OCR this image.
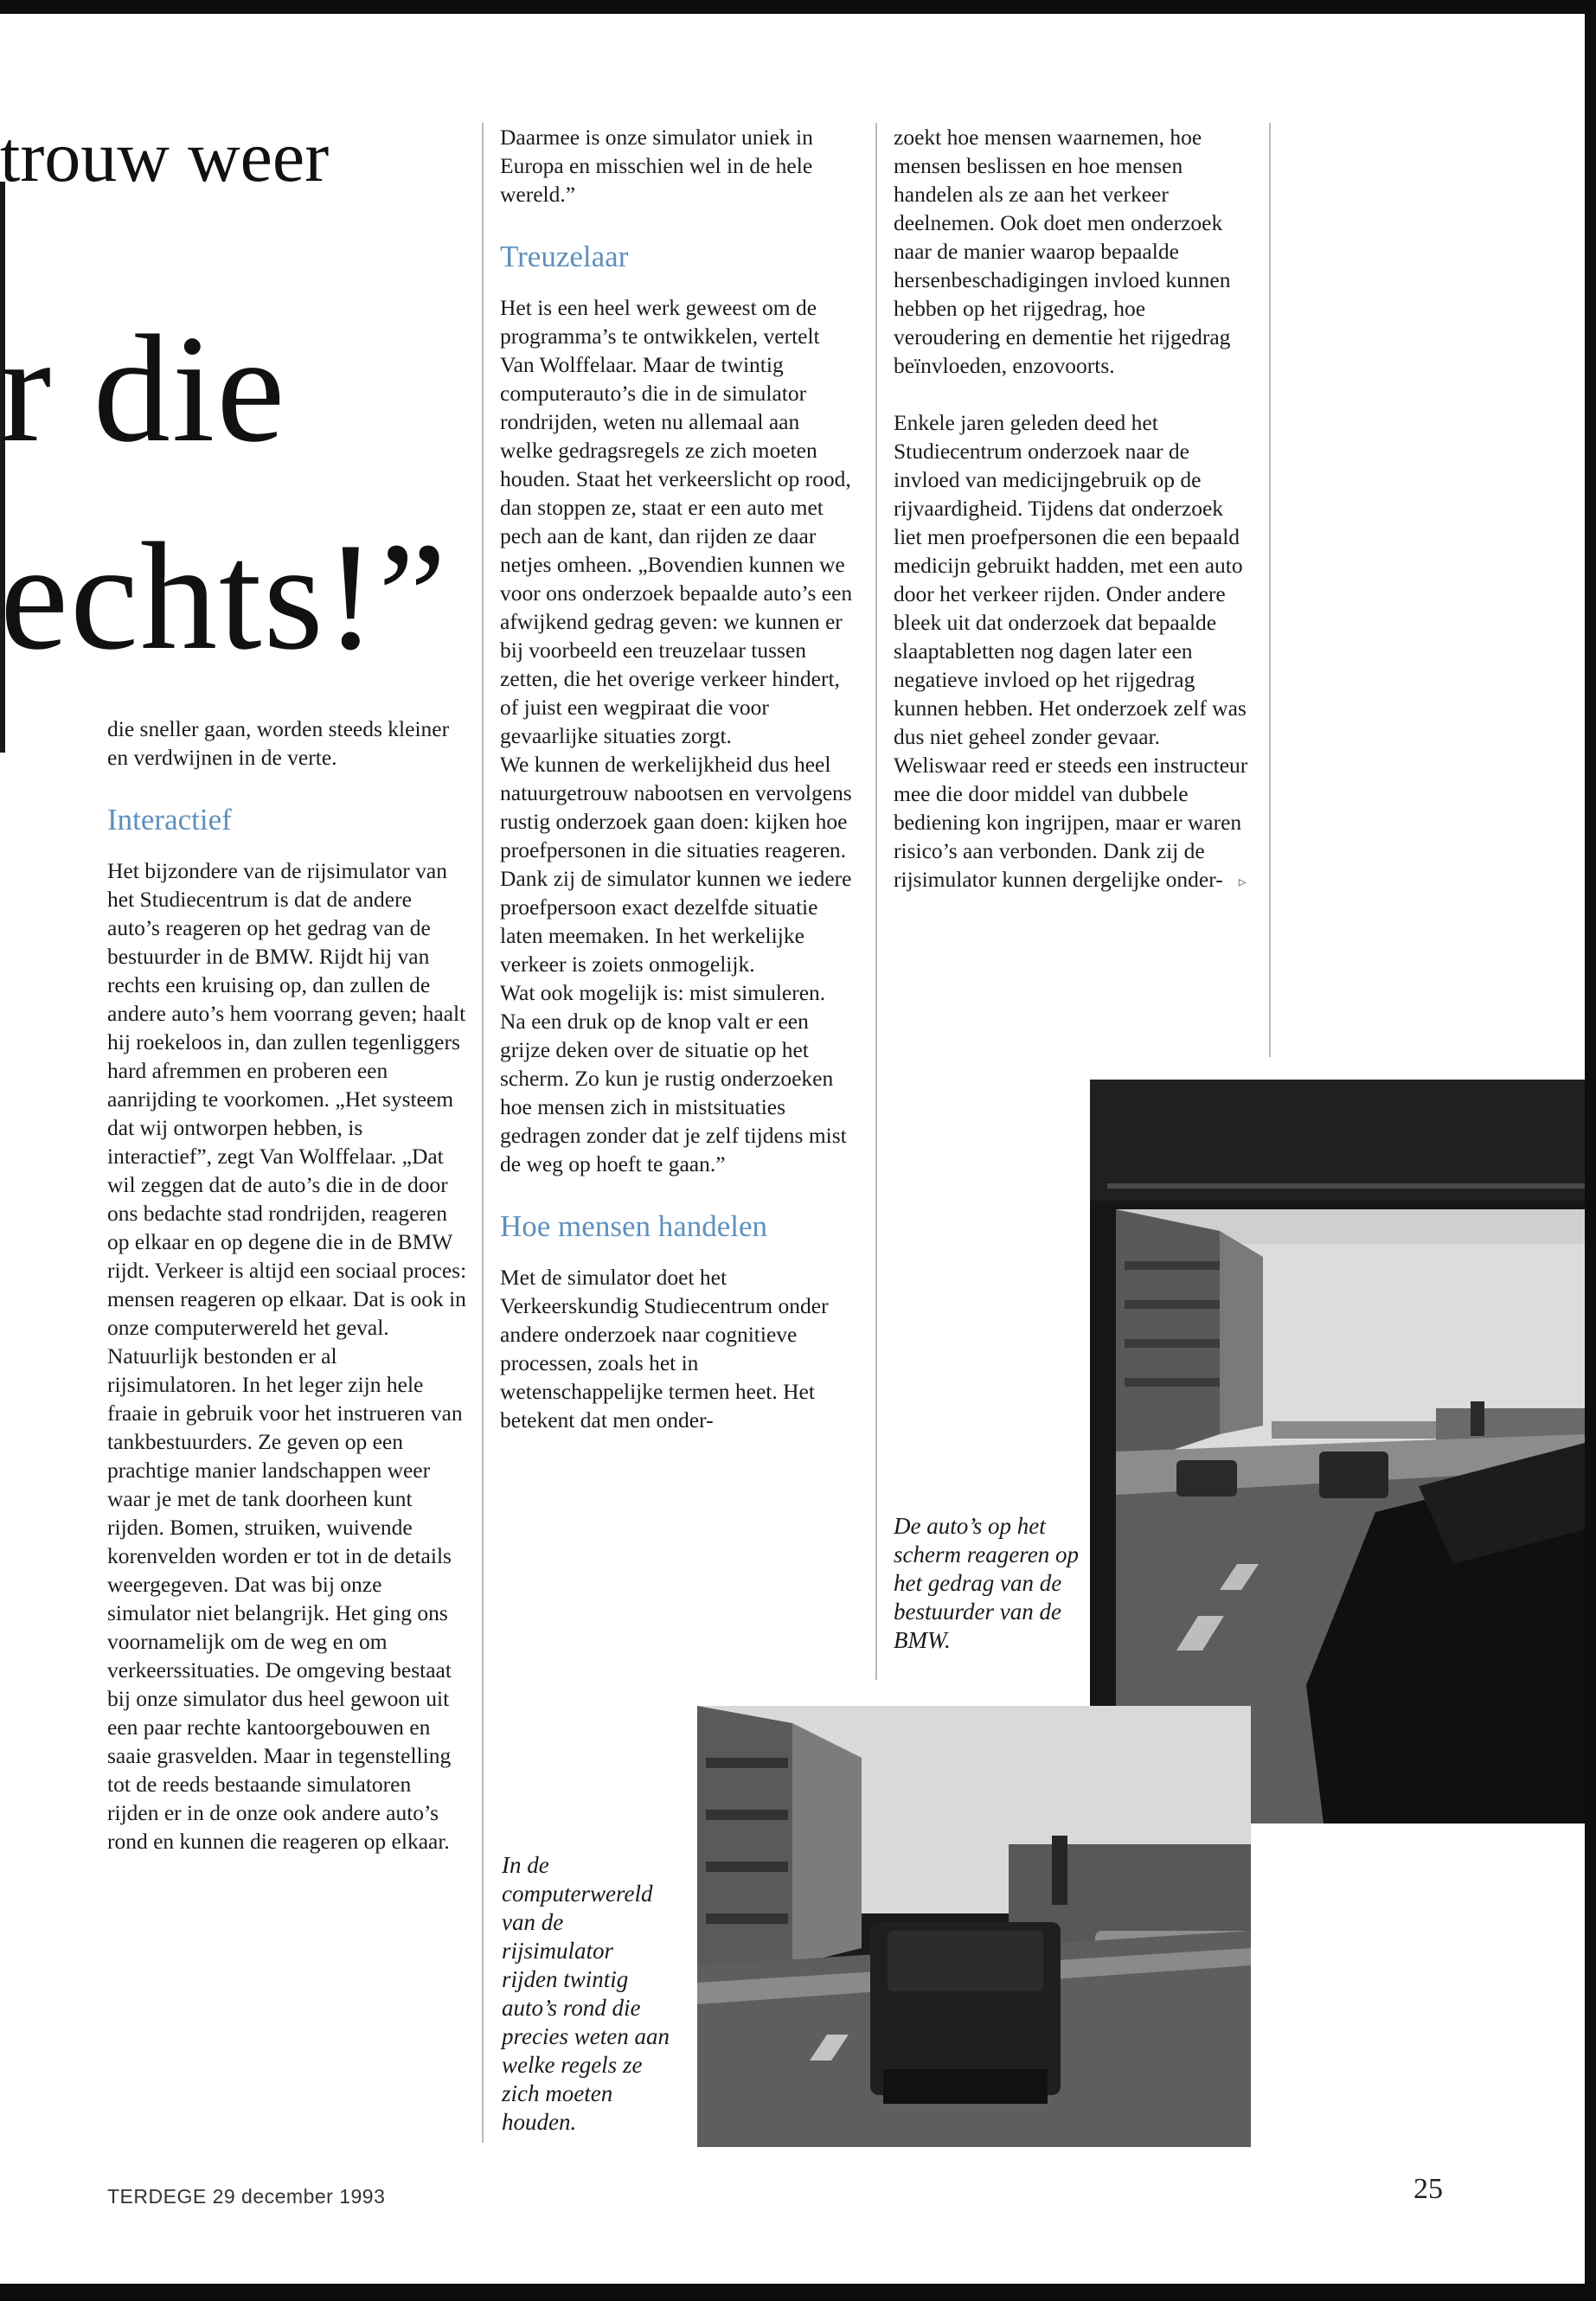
trouw weer
r die
echts!”

die sneller gaan, worden steeds kleiner en verdwijnen in de verte.

Interactief

Het bijzondere van de rijsimulator van het Studiecentrum is dat de andere auto’s reageren op het gedrag van de bestuurder in de BMW. Rijdt hij van rechts een kruising op, dan zullen de andere auto’s hem voorrang geven; haalt hij roekeloos in, dan zullen tegenliggers hard afremmen en proberen een aanrijding te voorkomen. „Het systeem dat wij ontworpen hebben, is interactief”, zegt Van Wolffelaar. „Dat wil zeggen dat de auto’s die in de door ons bedachte stad rondrijden, reageren op elkaar en op degene die in de BMW rijdt. Verkeer is altijd een sociaal proces: mensen reageren op elkaar. Dat is ook in onze computerwereld het geval.

Natuurlijk bestonden er al rijsimulatoren. In het leger zijn hele fraaie in gebruik voor het instrueren van tankbestuurders. Ze geven op een prachtige manier landschappen weer waar je met de tank doorheen kunt rijden. Bomen, struiken, wuivende korenvelden worden er tot in de details weergegeven. Dat was bij onze simulator niet belangrijk. Het ging ons voornamelijk om de weg en om verkeerssituaties. De omgeving bestaat bij onze simulator dus heel gewoon uit een paar rechte kantoorgebouwen en saaie grasvelden. Maar in tegenstelling tot de reeds bestaande simulatoren rijden er in de onze ook andere auto’s rond en kunnen die reageren op elkaar.

Daarmee is onze simulator uniek in Europa en misschien wel in de hele wereld.”

Treuzelaar

Het is een heel werk geweest om de programma’s te ontwikkelen, vertelt Van Wolffelaar. Maar de twintig computerauto’s die in de simulator rondrijden, weten nu allemaal aan welke gedragsregels ze zich moeten houden. Staat het verkeerslicht op rood, dan stoppen ze, staat er een auto met pech aan de kant, dan rijden ze daar netjes omheen. „Bovendien kunnen we voor ons onderzoek bepaalde auto’s een afwijkend gedrag geven: we kunnen er bij voorbeeld een treuzelaar tussen zetten, die het overige verkeer hindert, of juist een wegpiraat die voor gevaarlijke situaties zorgt.

We kunnen de werkelijkheid dus heel natuurgetrouw nabootsen en vervolgens rustig onderzoek gaan doen: kijken hoe proefpersonen in die situaties reageren. Dank zij de simulator kunnen we iedere proefpersoon exact dezelfde situatie laten meemaken. In het werkelijke verkeer is zoiets onmogelijk.

Wat ook mogelijk is: mist simuleren. Na een druk op de knop valt er een grijze deken over de situatie op het scherm. Zo kun je rustig onderzoeken hoe mensen zich in mistsituaties gedragen zonder dat je zelf tijdens mist de weg op hoeft te gaan.”

Hoe mensen handelen

Met de simulator doet het Verkeerskundig Studiecentrum onder andere onderzoek naar cognitieve processen, zoals het in wetenschappelijke termen heet. Het betekent dat men onder-

zoekt hoe mensen waarnemen, hoe mensen beslissen en hoe mensen handelen als ze aan het verkeer deelnemen. Ook doet men onderzoek naar de manier waarop bepaalde hersenbeschadigingen invloed kunnen hebben op het rijgedrag, hoe veroudering en dementie het rijgedrag beïnvloeden, enzovoorts.

Enkele jaren geleden deed het Studiecentrum onderzoek naar de invloed van medicijngebruik op de rijvaardigheid. Tijdens dat onderzoek liet men proefpersonen die een bepaald medicijn gebruikt hadden, met een auto door het verkeer rijden. Onder andere bleek uit dat onderzoek dat bepaalde slaaptabletten nog dagen later een negatieve invloed op het rijgedrag kunnen hebben. Het onderzoek zelf was dus niet geheel zonder gevaar. Weliswaar reed er steeds een instructeur mee die door middel van dubbele bediening kon ingrijpen, maar er waren risico’s aan verbonden. Dank zij de rijsimulator kunnen dergelijke onder- ▹

De auto’s op het scherm reageren op het gedrag van de bestuurder van de BMW.
In de computerwereld van de rijsimulator rijden twintig auto’s rond die precies weten aan welke regels ze zich moeten houden.
TERDEGE 29 december 1993	25
